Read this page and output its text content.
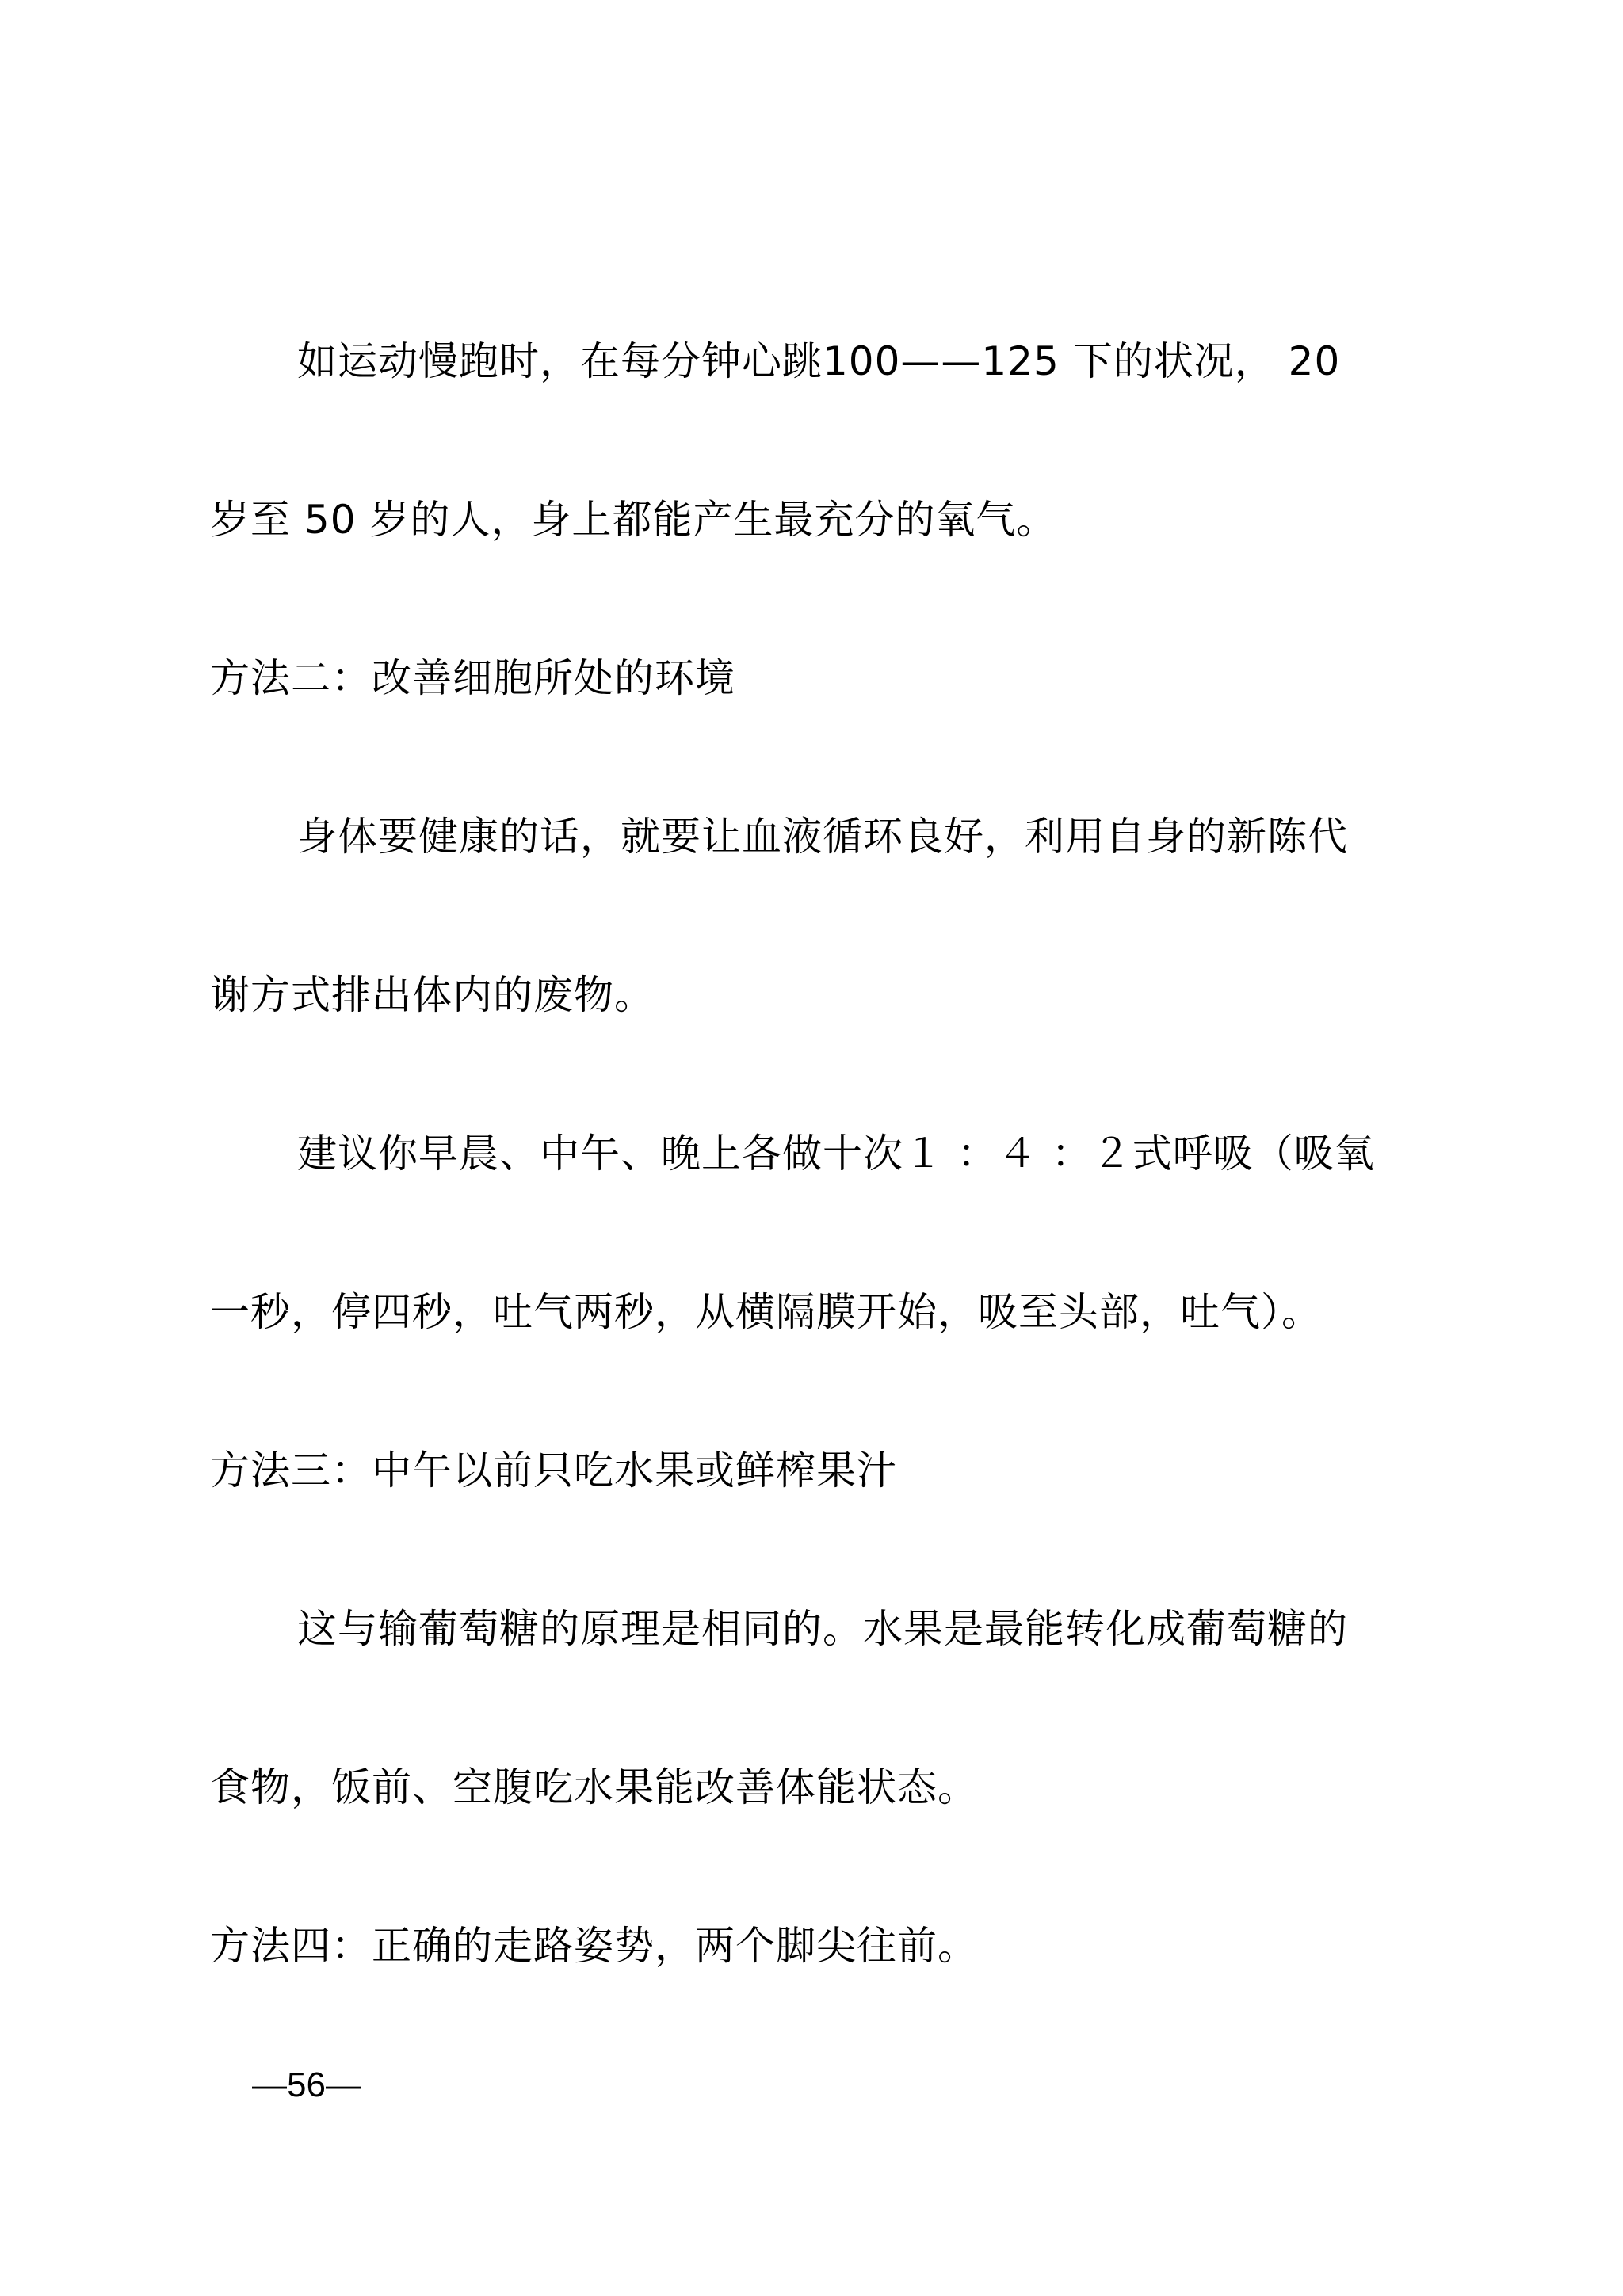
如运动慢跑时，在每分钟心跳100——125 下的状况， 20
岁至 50 岁的人，身上都能产生最充分的氧气。
方法二：改善细胞所处的环境
身体要健康的话，就要让血液循环良好，利用自身的新陈代
谢方式排出体内的废物。
建议你早晨、中午、晚上各做十次１ ：４ ：２式呼吸（吸氧
一秒，停四秒，吐气两秒，从横隔膜开始，吸至头部，吐气）。
方法三：中午以前只吃水果或鲜榨果汁
这与输葡萄糖的原理是相同的。水果是最能转化成葡萄糖的
食物，饭前、空腹吃水果能改善体能状态。
方法四：正确的走路姿势，两个脚尖往前。
—56—
